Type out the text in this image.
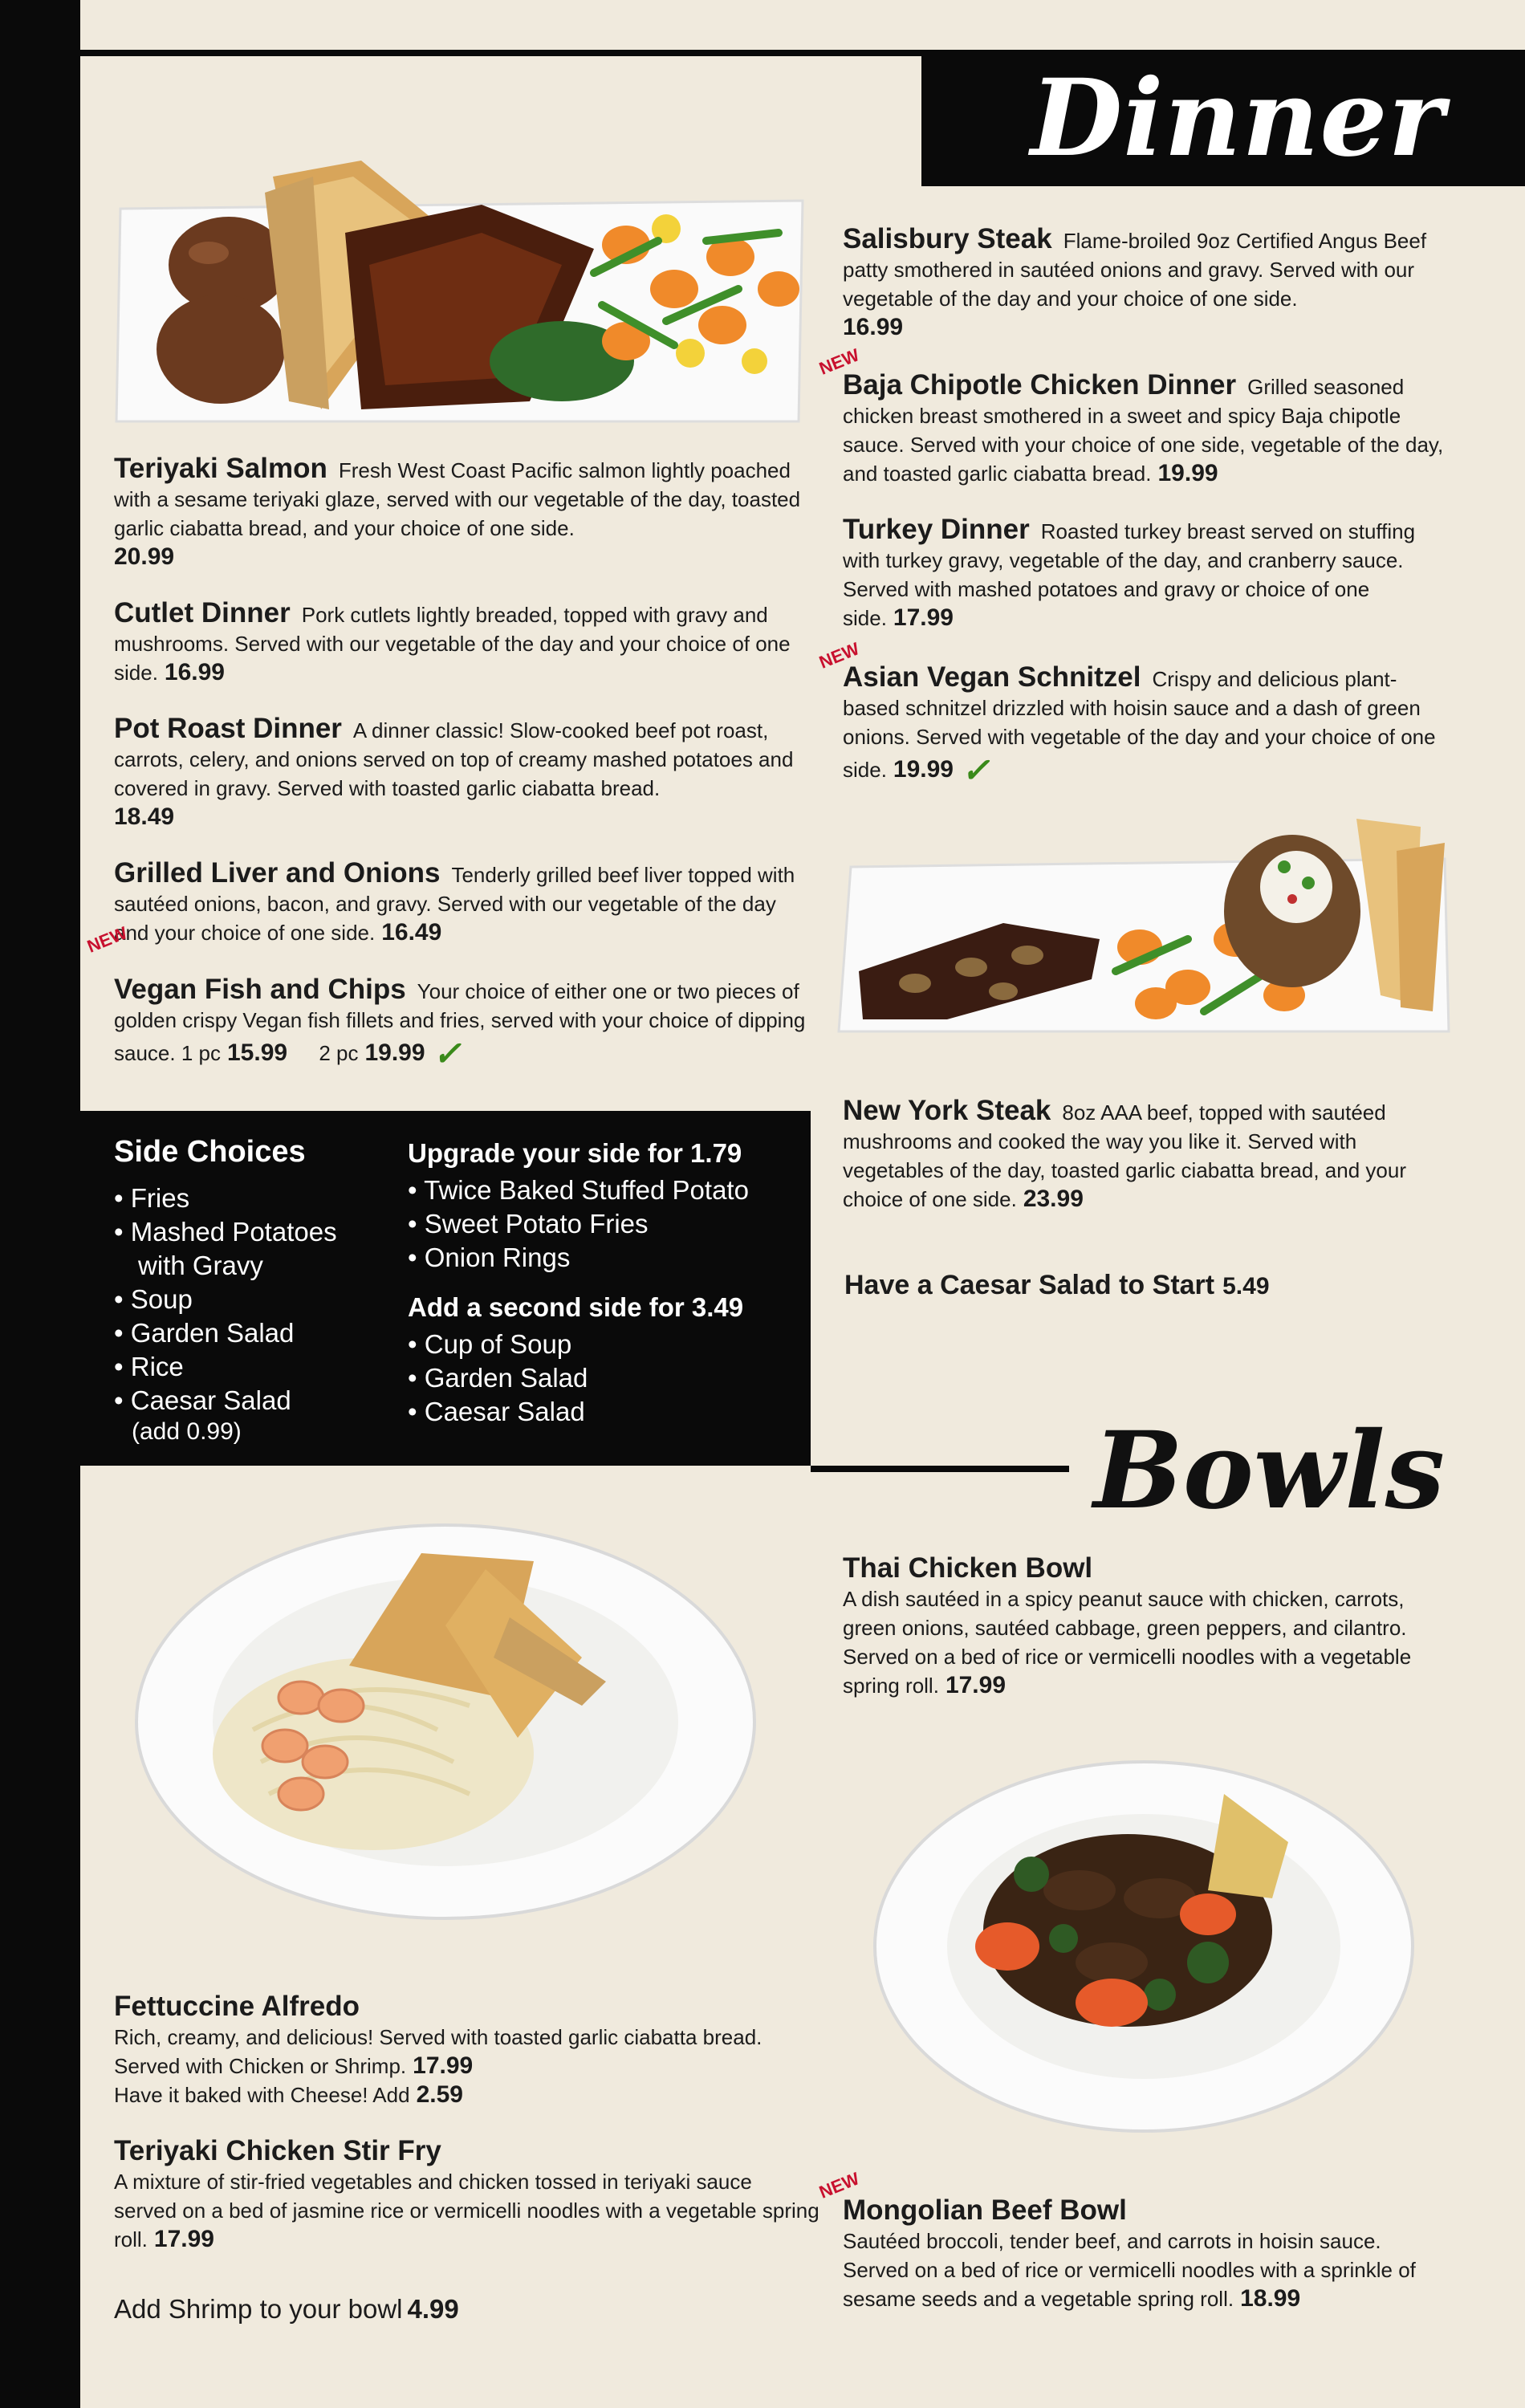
Dinner
Teriyaki Salmon Fresh West Coast Pacific salmon lightly poached with a sesame teriyaki glaze, served with our vegetable of the day, toasted garlic ciabatta bread, and your choice of one side.
20.99
Cutlet Dinner Pork cutlets lightly breaded, topped with gravy and mushrooms. Served with our vegetable of the day and your choice of one side. 16.99
Pot Roast Dinner A dinner classic! Slow-cooked beef pot roast, carrots, celery, and onions served on top of creamy mashed potatoes and covered in gravy. Served with toasted garlic ciabatta bread.
18.49
Grilled Liver and Onions Tenderly grilled beef liver topped with sautéed onions, bacon, and gravy. Served with our vegetable of the day and your choice of one side. 16.49
NEW
Vegan Fish and Chips Your choice of either one or two pieces of golden crispy Vegan fish fillets and fries, served with your choice of dipping sauce. 1 pc 15.99 2 pc 19.99 ✓
Salisbury Steak Flame-broiled 9oz Certified Angus Beef patty smothered in sautéed onions and gravy. Served with our vegetable of the day and your choice of one side.
16.99
NEW
Baja Chipotle Chicken Dinner Grilled seasoned chicken breast smothered in a sweet and spicy Baja chipotle sauce. Served with your choice of one side, vegetable of the day, and toasted garlic ciabatta bread. 19.99
Turkey Dinner Roasted turkey breast served on stuffing with turkey gravy, vegetable of the day, and cranberry sauce. Served with mashed potatoes and gravy or choice of one side. 17.99
NEW
Asian Vegan Schnitzel Crispy and delicious plant-based schnitzel drizzled with hoisin sauce and a dash of green onions. Served with vegetable of the day and your choice of one side. 19.99 ✓
New York Steak 8oz AAA beef, topped with sautéed mushrooms and cooked the way you like it. Served with vegetables of the day, toasted garlic ciabatta bread, and your choice of one side. 23.99
Have a Caesar Salad to Start 5.49
Side Choices
• Fries
• Mashed Potatoes
with Gravy
• Soup
• Garden Salad
• Rice
• Caesar Salad
(add 0.99)
Upgrade your side for 1.79
• Twice Baked Stuffed Potato
• Sweet Potato Fries
• Onion Rings
Add a second side for 3.49
• Cup of Soup
• Garden Salad
• Caesar Salad	Bowls
Fettuccine Alfredo
Rich, creamy, and delicious! Served with toasted garlic ciabatta bread.
Served with Chicken or Shrimp. 17.99
Have it baked with Cheese! Add 2.59
Teriyaki Chicken Stir Fry
A mixture of stir-fried vegetables and chicken tossed in teriyaki sauce served on a bed of jasmine rice or vermicelli noodles with a vegetable spring roll. 17.99
Add Shrimp to your bowl 4.99
Thai Chicken Bowl
A dish sautéed in a spicy peanut sauce with chicken, carrots, green onions, sautéed cabbage, green peppers, and cilantro. Served on a bed of rice or vermicelli noodles with a vegetable spring roll. 17.99
NEW
Mongolian Beef Bowl
Sautéed broccoli, tender beef, and carrots in hoisin sauce. Served on a bed of rice or vermicelli noodles with a sprinkle of sesame seeds and a vegetable spring roll. 18.99
